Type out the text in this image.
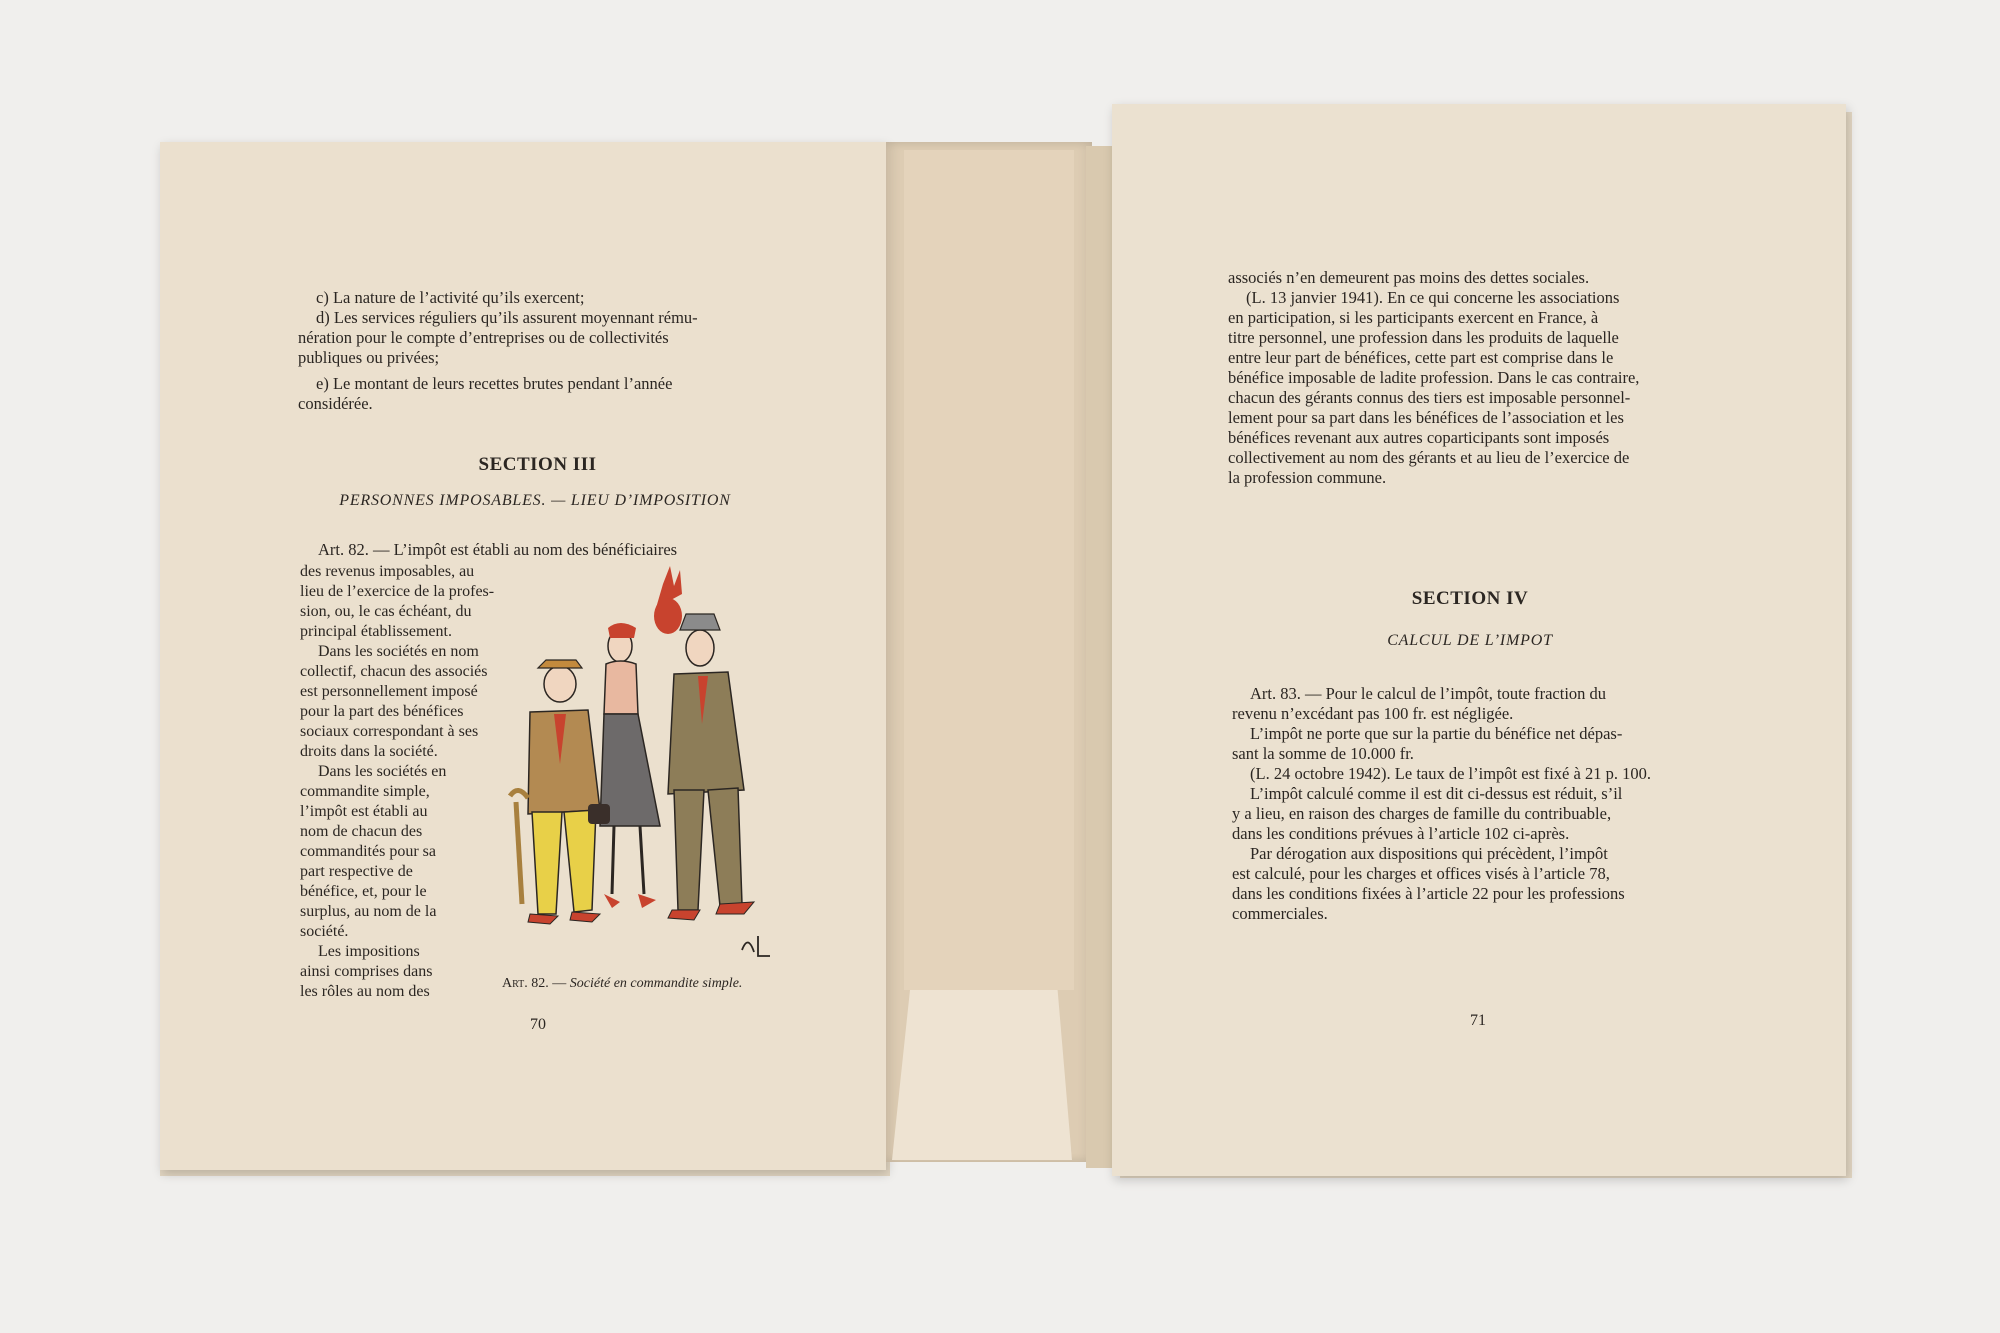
c) La nature de l’activité qu’ils exercent;
d) Les services réguliers qu’ils assurent moyennant rému-
nération pour le compte d’entreprises ou de collectivités
publiques ou privées;
e) Le montant de leurs recettes brutes pendant l’année
considérée.
SECTION III
PERSONNES IMPOSABLES. — LIEU D’IMPOSITION
Art. 82. — L’impôt est établi au nom des bénéficiaires
des revenus imposables, au
lieu de l’exercice de la profes-
sion, ou, le cas échéant, du
principal établissement.
Dans les sociétés en nom
collectif, chacun des associés
est personnellement imposé
pour la part des bénéfices
sociaux correspondant à ses
droits dans la société.
Dans les sociétés en
commandite simple,
l’impôt est établi au
nom de chacun des
commandités pour sa
part respective de
bénéfice, et, pour le
surplus, au nom de la
société.
Les impositions
ainsi comprises dans
les rôles au nom des	Art. 82. — Société en commandite simple.
70
associés n’en demeurent pas moins des dettes sociales.
(L. 13 janvier 1941). En ce qui concerne les associations
en participation, si les participants exercent en France, à
titre personnel, une profession dans les produits de laquelle
entre leur part de bénéfices, cette part est comprise dans le
bénéfice imposable de ladite profession. Dans le cas contraire,
chacun des gérants connus des tiers est imposable personnel-
lement pour sa part dans les bénéfices de l’association et les
bénéfices revenant aux autres coparticipants sont imposés
collectivement au nom des gérants et au lieu de l’exercice de
la profession commune.
SECTION IV
CALCUL DE L’IMPOT
Art. 83. — Pour le calcul de l’impôt, toute fraction du
revenu n’excédant pas 100 fr. est négligée.
L’impôt ne porte que sur la partie du bénéfice net dépas-
sant la somme de 10.000 fr.
(L. 24 octobre 1942). Le taux de l’impôt est fixé à 21 p. 100.
L’impôt calculé comme il est dit ci-dessus est réduit, s’il
y a lieu, en raison des charges de famille du contribuable,
dans les conditions prévues à l’article 102 ci-après.
Par dérogation aux dispositions qui précèdent, l’impôt
est calculé, pour les charges et offices visés à l’article 78,
dans les conditions fixées à l’article 22 pour les professions
commerciales.
71
